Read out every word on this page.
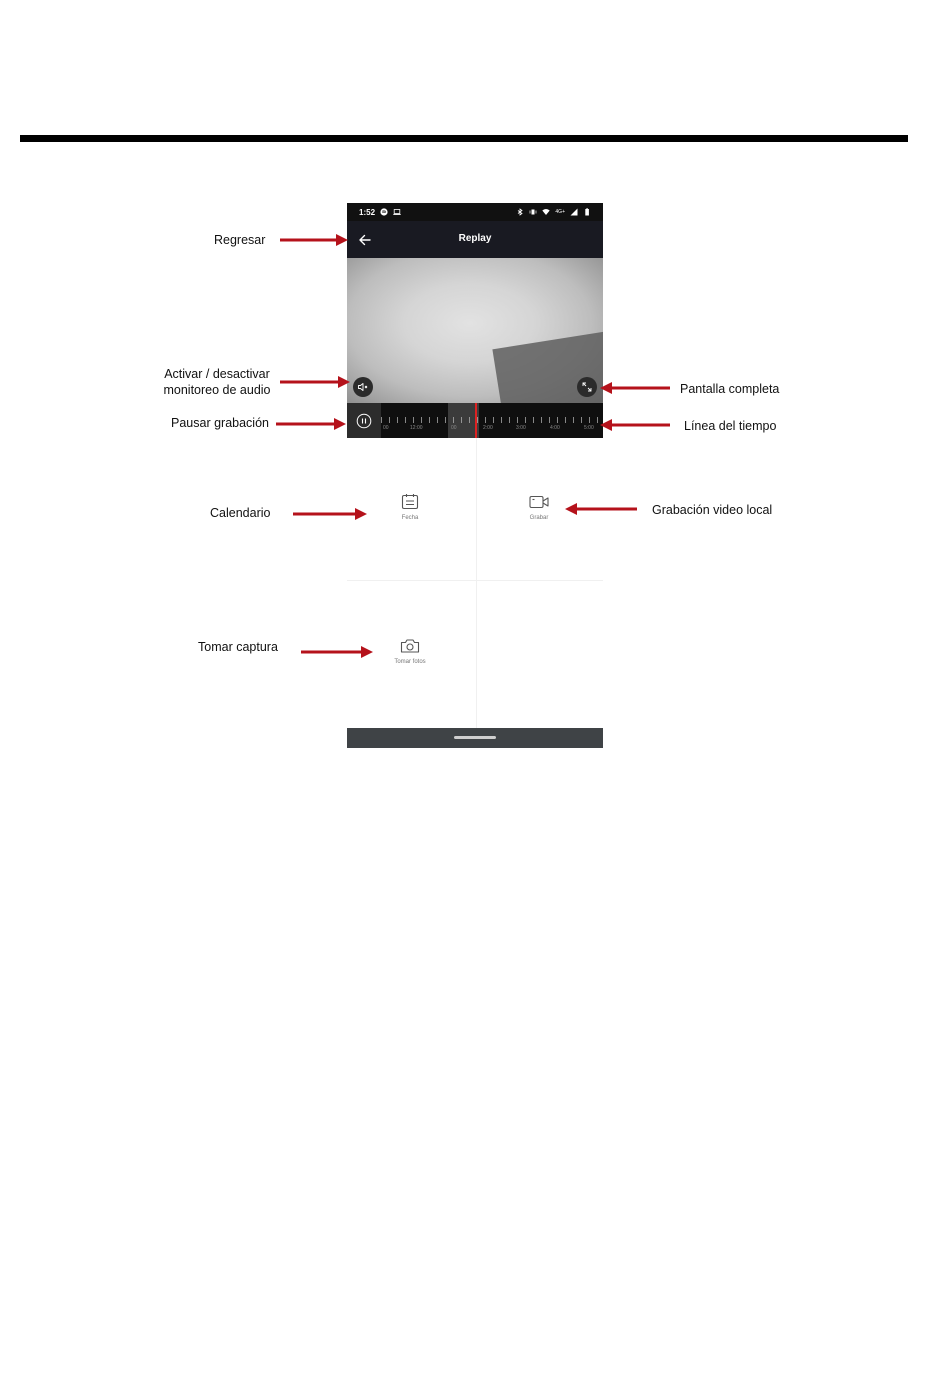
1:52	4G+
Replay
00	12:00	00	2:00	3:00	4:00	5:00
Fecha	Grabar
Tomar fotos
Regresar
Activar / desactivar
monitoreo de audio
Pausar grabación
Pantalla completa
Línea del tiempo
Calendario	Grabación video local
Tomar captura
